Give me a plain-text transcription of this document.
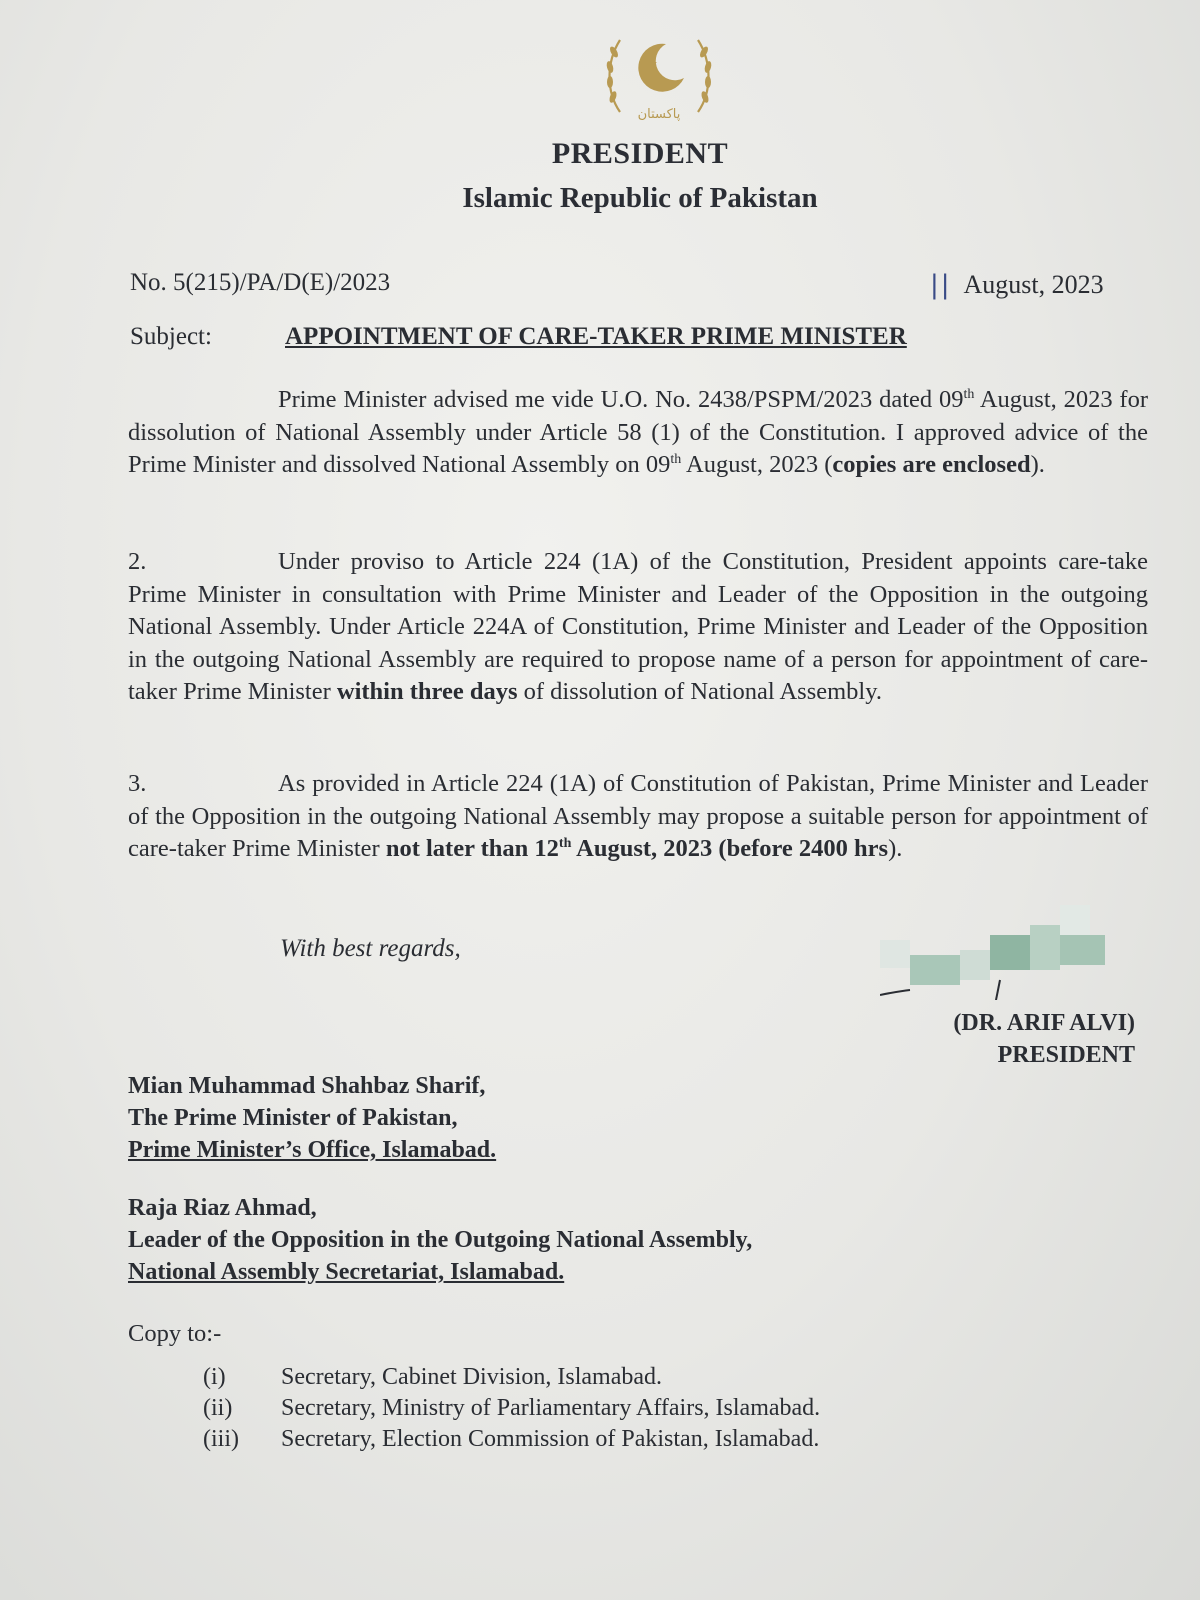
پاکستان
PRESIDENT
Islamic Republic of Pakistan
No. 5(215)/PA/D(E)/2023	|| August, 2023
Subject:	APPOINTMENT OF CARE-TAKER PRIME MINISTER
Prime Minister advised me vide U.O. No. 2438/PSPM/2023 dated 09th August, 2023 for dissolution of National Assembly under Article 58 (1) of the Constitution. I approved advice of the Prime Minister and dissolved National Assembly on 09th August, 2023 (copies are enclosed).
2.	Under proviso to Article 224 (1A) of the Constitution, President appoints care-take Prime Minister in consultation with Prime Minister and Leader of the Opposition in the outgoing National Assembly. Under Article 224A of Constitution, Prime Minister and Leader of the Opposition in the outgoing National Assembly are required to propose name of a person for appointment of care-taker Prime Minister within three days of dissolution of National Assembly.
3.	As provided in Article 224 (1A) of Constitution of Pakistan, Prime Minister and Leader of the Opposition in the outgoing National Assembly may propose a suitable person for appointment of care-taker Prime Minister not later than 12th August, 2023 (before 2400 hrs).
With best regards,
(DR. ARIF ALVI)
PRESIDENT
Mian Muhammad Shahbaz Sharif,
The Prime Minister of Pakistan,
Prime Minister’s Office, Islamabad.
Raja Riaz Ahmad,
Leader of the Opposition in the Outgoing National Assembly,
National Assembly Secretariat, Islamabad.
Copy to:-
(i) Secretary, Cabinet Division, Islamabad.
(ii) Secretary, Ministry of Parliamentary Affairs, Islamabad.
(iii) Secretary, Election Commission of Pakistan, Islamabad.
